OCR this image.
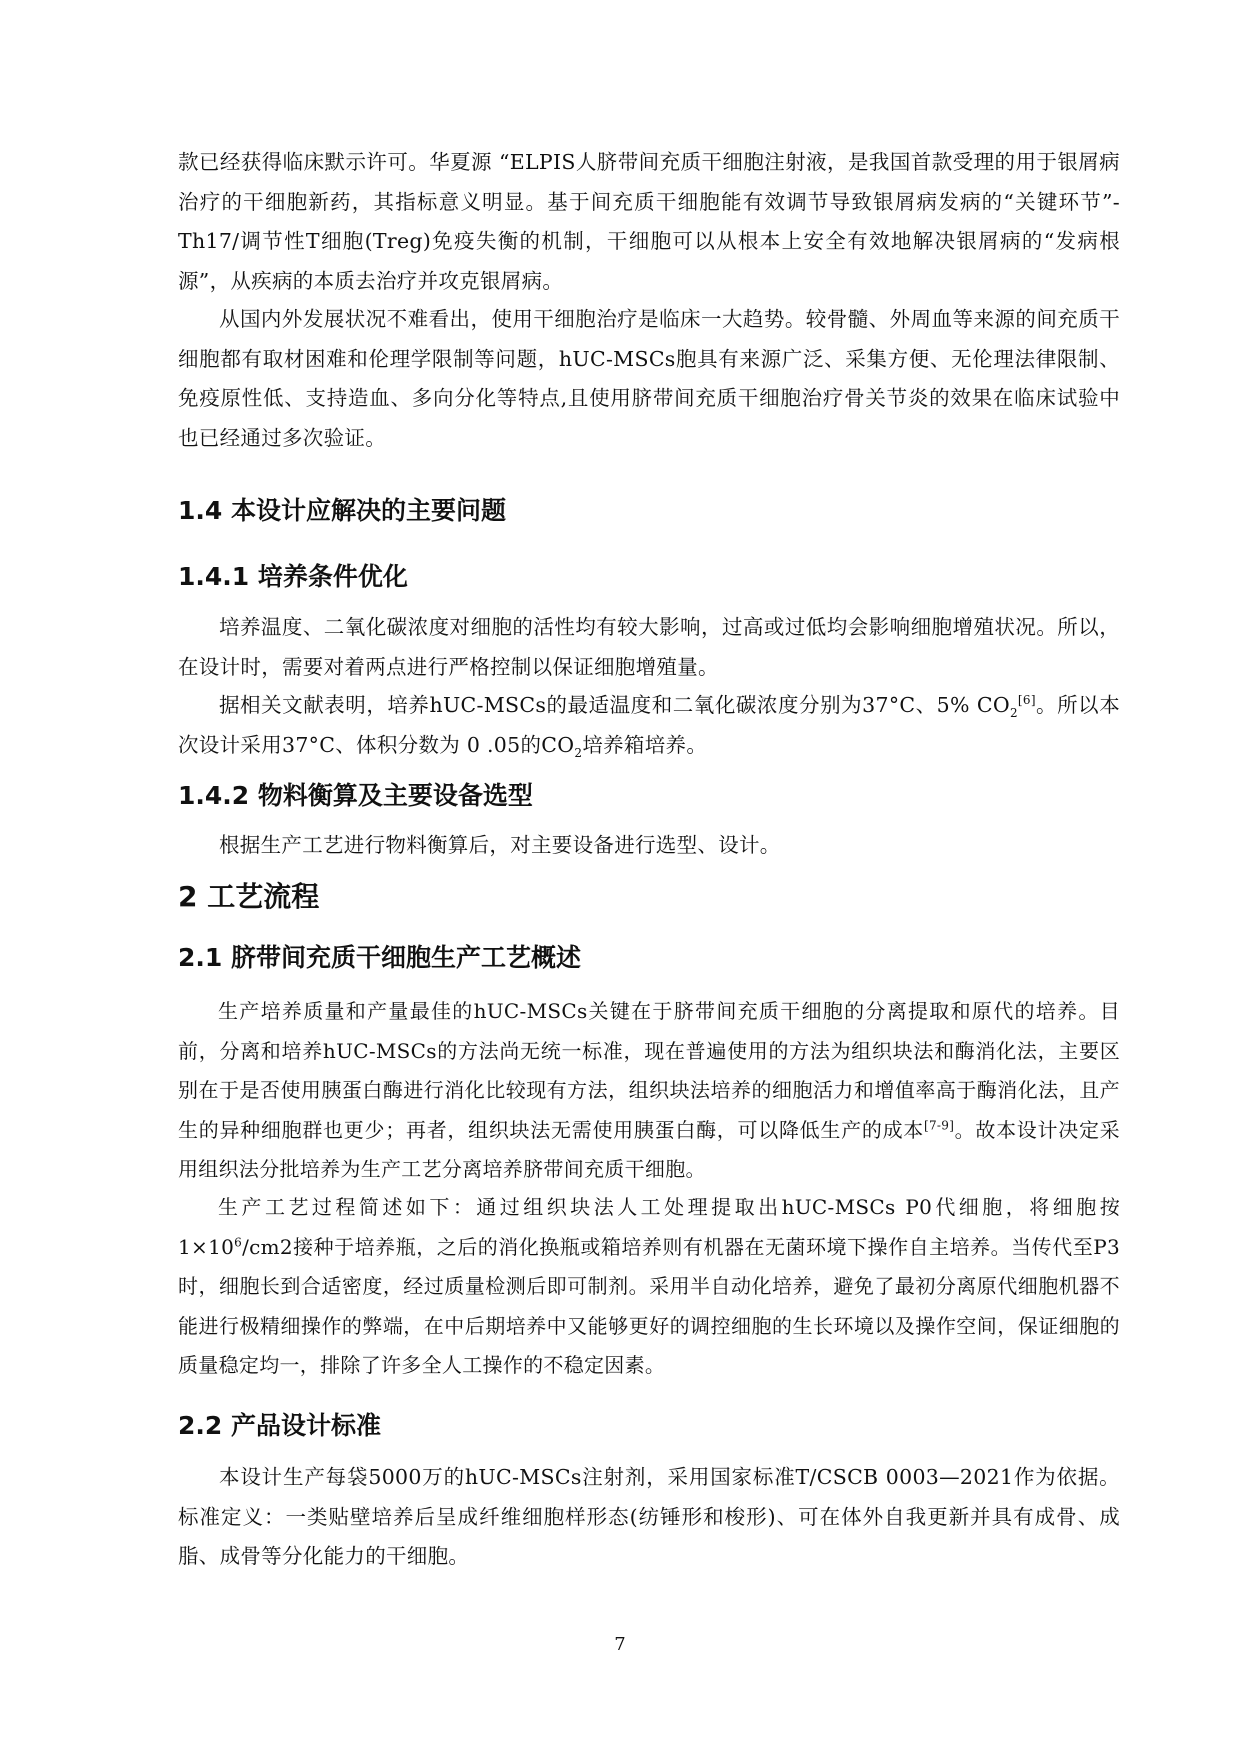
款已经获得临床默示许可。华夏源 “ELPIS人脐带间充质干细胞注射液，是我国首款受理的用于银屑病治疗的干细胞新药，其指标意义明显。基于间充质干细胞能有效调节导致银屑病发病的“关键环节”-Th17/调节性T细胞(Treg)免疫失衡的机制，干细胞可以从根本上安全有效地解决银屑病的“发病根源”，从疾病的本质去治疗并攻克银屑病。

从国内外发展状况不难看出，使用干细胞治疗是临床一大趋势。较骨髓、外周血等来源的间充质干细胞都有取材困难和伦理学限制等问题，hUC-MSCs胞具有来源广泛、采集方便、无伦理法律限制、免疫原性低、支持造血、多向分化等特点,且使用脐带间充质干细胞治疗骨关节炎的效果在临床试验中也已经通过多次验证。

1.4 本设计应解决的主要问题
1.4.1 培养条件优化

培养温度、二氧化碳浓度对细胞的活性均有较大影响，过高或过低均会影响细胞增殖状况。所以，在设计时，需要对着两点进行严格控制以保证细胞增殖量。

据相关文献表明，培养hUC-MSCs的最适温度和二氧化碳浓度分别为37°C、5% $CO_2[6]$。所以本次设计采用37°C、体积分数为 0 .05的$CO_2$培养箱培养。

1.4.2 物料衡算及主要设备选型

根据生产工艺进行物料衡算后，对主要设备进行选型、设计。

2 工艺流程
2.1 脐带间充质干细胞生产工艺概述

生产培养质量和产量最佳的hUC-MSCs关键在于脐带间充质干细胞的分离提取和原代的培养。目前，分离和培养hUC-MSCs的方法尚无统一标准，现在普遍使用的方法为组织块法和酶消化法，主要区别在于是否使用胰蛋白酶进行消化比较现有方法，组织块法培养的细胞活力和增值率高于酶消化法，且产生的异种细胞群也更少；再者，组织块法无需使用胰蛋白酶，可以降低生产的成本[7-9]。故本设计决定采用组织法分批培养为生产工艺分离培养脐带间充质干细胞。

生产工艺过程简述如下：通过组织块法人工处理提取出hUC-MSCs P0代细胞，将细胞按$1\times 10^6/cm2$接种于培养瓶，之后的消化换瓶或箱培养则有机器在无菌环境下操作自主培养。当传代至P3时，细胞长到合适密度，经过质量检测后即可制剂。采用半自动化培养，避免了最初分离原代细胞机器不能进行极精细操作的弊端，在中后期培养中又能够更好的调控细胞的生长环境以及操作空间，保证细胞的质量稳定均一，排除了许多全人工操作的不稳定因素。

2.2 产品设计标准

本设计生产每袋5000万的hUC-MSCs注射剂，采用国家标准T/CSCB 0003—2021作为依据。标准定义：一类贴壁培养后呈成纤维细胞样形态(纺锤形和梭形)、可在体外自我更新并具有成骨、成脂、成骨等分化能力的干细胞。

7
